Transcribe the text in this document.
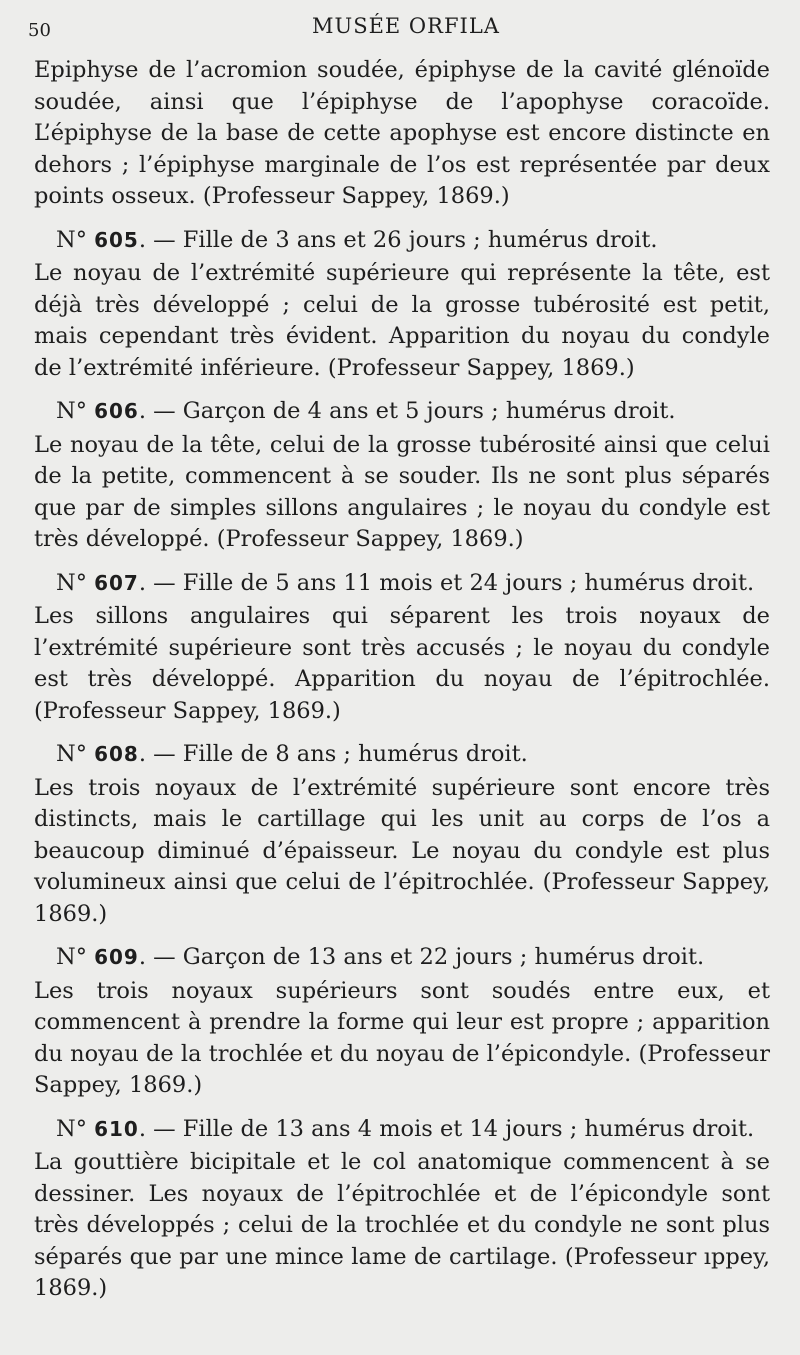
50	MUSÉE ORFILA

Epiphyse de l’acromion soudée, épiphyse de la cavité glénoïde soudée, ainsi que l’épiphyse de l’apophyse coracoïde. L’épiphyse de la base de cette apophyse est encore distincte en dehors ; l’épiphyse marginale de l’os est représentée par deux points osseux. (Professeur Sappey, 1869.)

N° 605. — Fille de 3 ans et 26 jours ; humérus droit.

Le noyau de l’extrémité supérieure qui représente la tête, est déjà très développé ; celui de la grosse tubérosité est petit, mais cependant très évident. Apparition du noyau du condyle de l’extrémité inférieure. (Professeur Sappey, 1869.)

N° 606. — Garçon de 4 ans et 5 jours ; humérus droit.

Le noyau de la tête, celui de la grosse tubérosité ainsi que celui de la petite, commencent à se souder. Ils ne sont plus séparés que par de simples sillons angulaires ; le noyau du condyle est très développé. (Professeur Sappey, 1869.)

N° 607. — Fille de 5 ans 11 mois et 24 jours ; humérus droit.

Les sillons angulaires qui séparent les trois noyaux de l’extrémité supérieure sont très accusés ; le noyau du condyle est très développé. Apparition du noyau de l’épitrochlée. (Professeur Sappey, 1869.)

N° 608. — Fille de 8 ans ; humérus droit.

Les trois noyaux de l’extrémité supérieure sont encore très distincts, mais le cartillage qui les unit au corps de l’os a beaucoup diminué d’épaisseur. Le noyau du condyle est plus volumineux ainsi que celui de l’épitrochlée. (Professeur Sappey, 1869.)

N° 609. — Garçon de 13 ans et 22 jours ; humérus droit.

Les trois noyaux supérieurs sont soudés entre eux, et commencent à prendre la forme qui leur est propre ; apparition du noyau de la trochlée et du noyau de l’épicondyle. (Professeur Sappey, 1869.)

N° 610. — Fille de 13 ans 4 mois et 14 jours ; humérus droit.

La gouttière bicipitale et le col anatomique commencent à se dessiner. Les noyaux de l’épitrochlée et de l’épicondyle sont très développés ; celui de la trochlée et du condyle ne sont plus séparés que par une mince lame de cartilage. (Professeur ıppey, 1869.)
